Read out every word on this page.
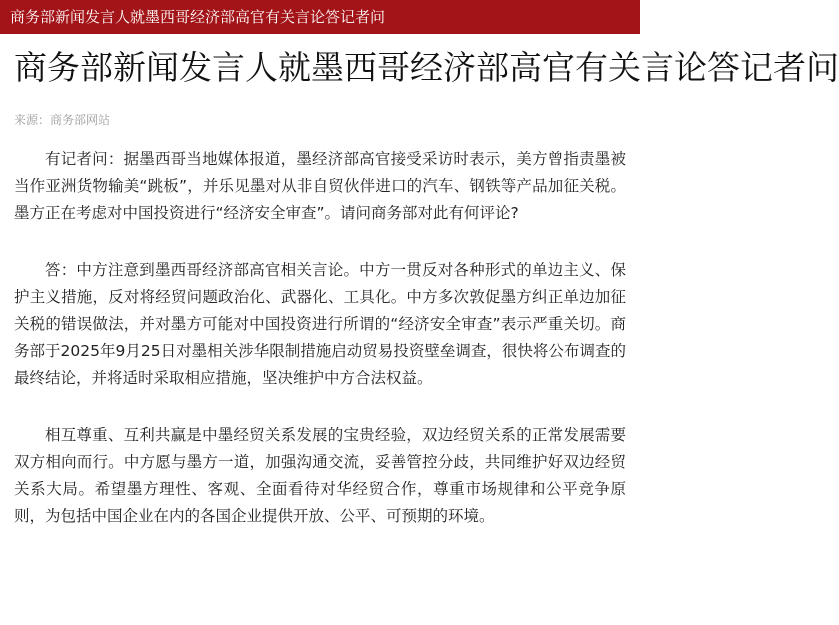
商务部新闻发言人就墨西哥经济部高官有关言论答记者问
商务部新闻发言人就墨西哥经济部高官有关言论答记者问
来源：商务部网站

有记者问：据墨西哥当地媒体报道，墨经济部高官接受采访时表示，美方曾指责墨被当作亚洲货物输美“跳板”，并乐见墨对从非自贸伙伴进口的汽车、钢铁等产品加征关税。墨方正在考虑对中国投资进行“经济安全审查”。请问商务部对此有何评论?

答：中方注意到墨西哥经济部高官相关言论。中方一贯反对各种形式的单边主义、保护主义措施，反对将经贸问题政治化、武器化、工具化。中方多次敦促墨方纠正单边加征关税的错误做法，并对墨方可能对中国投资进行所谓的“经济安全审查”表示严重关切。商务部于2025年9月25日对墨相关涉华限制措施启动贸易投资壁垒调查，很快将公布调查的最终结论，并将适时采取相应措施，坚决维护中方合法权益。

相互尊重、互利共赢是中墨经贸关系发展的宝贵经验，双边经贸关系的正常发展需要双方相向而行。中方愿与墨方一道，加强沟通交流，妥善管控分歧，共同维护好双边经贸关系大局。希望墨方理性、客观、全面看待对华经贸合作，尊重市场规律和公平竞争原则，为包括中国企业在内的各国企业提供开放、公平、可预期的环境。
